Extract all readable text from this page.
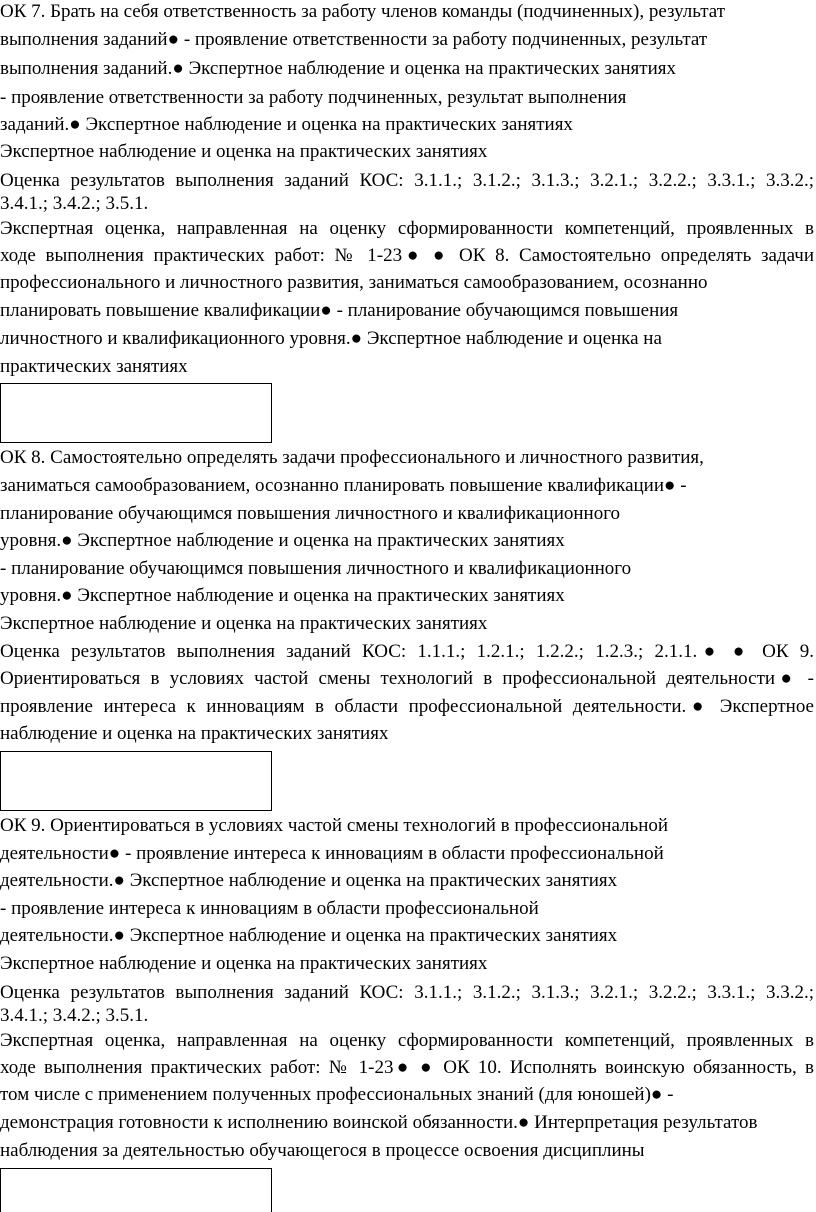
ОК 7. Брать на себя ответственность за работу членов команды (подчиненных), результат

выполнения заданий● - проявление ответственности за работу подчиненных, результат

выполнения заданий.● Экспертное наблюдение и оценка на практических занятиях

- проявление ответственности за работу подчиненных, результат выполнения

заданий.● Экспертное наблюдение и оценка на практических занятиях

Экспертное наблюдение и оценка на практических занятиях

Оценка результатов выполнения заданий КОС: 3.1.1.; 3.1.2.; 3.1.3.; 3.2.1.; 3.2.2.; 3.3.1.; 3.3.2.;

3.4.1.; 3.4.2.; 3.5.1.

Экспертная оценка, направленная на оценку сформированности компетенций, проявленных в

ходе выполнения практических работ: № 1-23● ● ОК 8. Самостоятельно определять задачи

профессионального и личностного развития, заниматься самообразованием, осознанно

планировать повышение квалификации● - планирование обучающимся повышения

личностного и квалификационного уровня.● Экспертное наблюдение и оценка на

практических занятиях

ОК 8. Самостоятельно определять задачи профессионального и личностного развития,

заниматься самообразованием, осознанно планировать повышение квалификации● -

планирование обучающимся повышения личностного и квалификационного

уровня.● Экспертное наблюдение и оценка на практических занятиях

- планирование обучающимся повышения личностного и квалификационного

уровня.● Экспертное наблюдение и оценка на практических занятиях

Экспертное наблюдение и оценка на практических занятиях

Оценка результатов выполнения заданий КОС: 1.1.1.; 1.2.1.; 1.2.2.; 1.2.3.; 2.1.1.● ● ОК 9.

Ориентироваться в условиях частой смены технологий в профессиональной деятельности● -

проявление интереса к инновациям в области профессиональной деятельности.● Экспертное

наблюдение и оценка на практических занятиях

ОК 9. Ориентироваться в условиях частой смены технологий в профессиональной

деятельности● - проявление интереса к инновациям в области профессиональной

деятельности.● Экспертное наблюдение и оценка на практических занятиях

- проявление интереса к инновациям в области профессиональной

деятельности.● Экспертное наблюдение и оценка на практических занятиях

Экспертное наблюдение и оценка на практических занятиях

Оценка результатов выполнения заданий КОС: 3.1.1.; 3.1.2.; 3.1.3.; 3.2.1.; 3.2.2.; 3.3.1.; 3.3.2.;

3.4.1.; 3.4.2.; 3.5.1.

Экспертная оценка, направленная на оценку сформированности компетенций, проявленных в

ходе выполнения практических работ: № 1-23● ● ОК 10. Исполнять воинскую обязанность, в

том числе с применением полученных профессиональных знаний (для юношей)● -

демонстрация готовности к исполнению воинской обязанности.● Интерпретация результатов

наблюдения за деятельностью обучающегося в процессе освоения дисциплины
